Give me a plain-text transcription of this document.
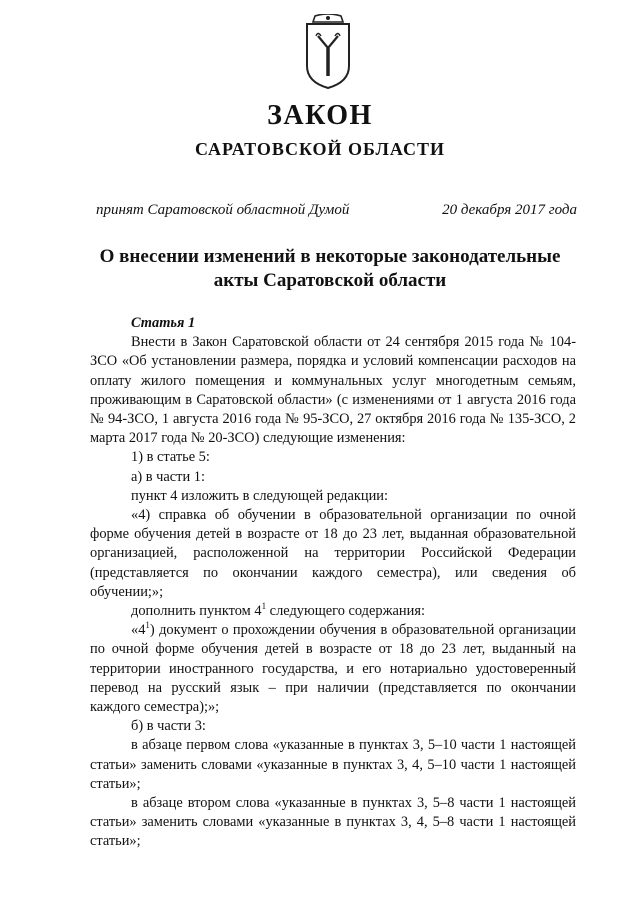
ЗАКОН
САРАТОВСКОЙ ОБЛАСТИ
принят Саратовской областной Думой	20 декабря 2017 года
О внесении изменений в некоторые законодательные акты Саратовской области

Статья 1

Внести в Закон Саратовской области от 24 сентября 2015 года № 104-ЗСО «Об установлении размера, порядка и условий компенсации расходов на оплату жилого помещения и коммунальных услуг многодетным семьям, проживающим в Саратовской области» (с изменениями от 1 августа 2016 года № 94-ЗСО, 1 августа 2016 года № 95-ЗСО, 27 октября 2016 года № 135-ЗСО, 2 марта 2017 года № 20-ЗСО) следующие изменения:

1) в статье 5:

а) в части 1:

пункт 4 изложить в следующей редакции:

«4) справка об обучении в образовательной организации по очной форме обучения детей в возрасте от 18 до 23 лет, выданная образовательной организацией, расположенной на территории Российской Федерации (представляется по окончании каждого семестра), или сведения об обучении;»;

дополнить пунктом $4^1$ следующего содержания:

«$4^1$) документ о прохождении обучения в образовательной организации по очной форме обучения детей в возрасте от 18 до 23 лет, выданный на территории иностранного государства, и его нотариально удостоверенный перевод на русский язык – при наличии (представляется по окончании каждого семестра);»;

б) в части 3:

в абзаце первом слова «указанные в пунктах 3, 5–10 части 1 настоящей статьи» заменить словами «указанные в пунктах 3, 4, 5–10 части 1 настоящей статьи»;

в абзаце втором слова «указанные в пунктах 3, 5–8 части 1 настоящей статьи» заменить словами «указанные в пунктах 3, 4, 5–8 части 1 настоящей статьи»;
